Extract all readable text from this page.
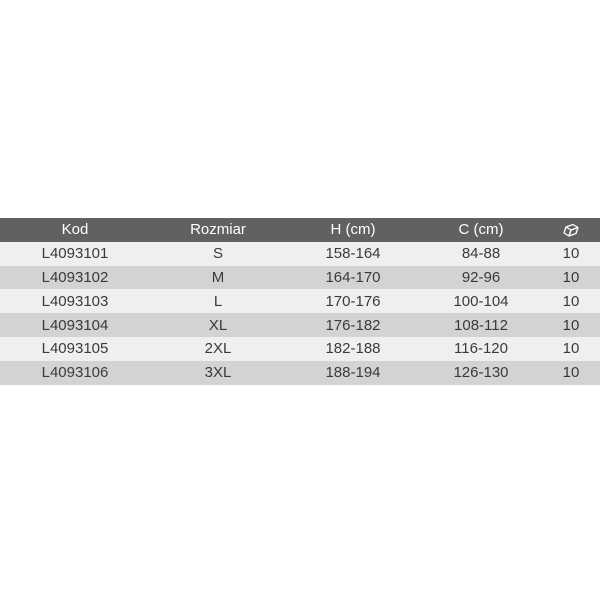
Kod	Rozmiar	H (cm)	C (cm)	
L4093101	S	158-164	84-88	10
L4093102	M	164-170	92-96	10
L4093103	L	170-176	100-104	10
L4093104	XL	176-182	108-112	10
L4093105	2XL	182-188	116-120	10
L4093106	3XL	188-194	126-130	10
